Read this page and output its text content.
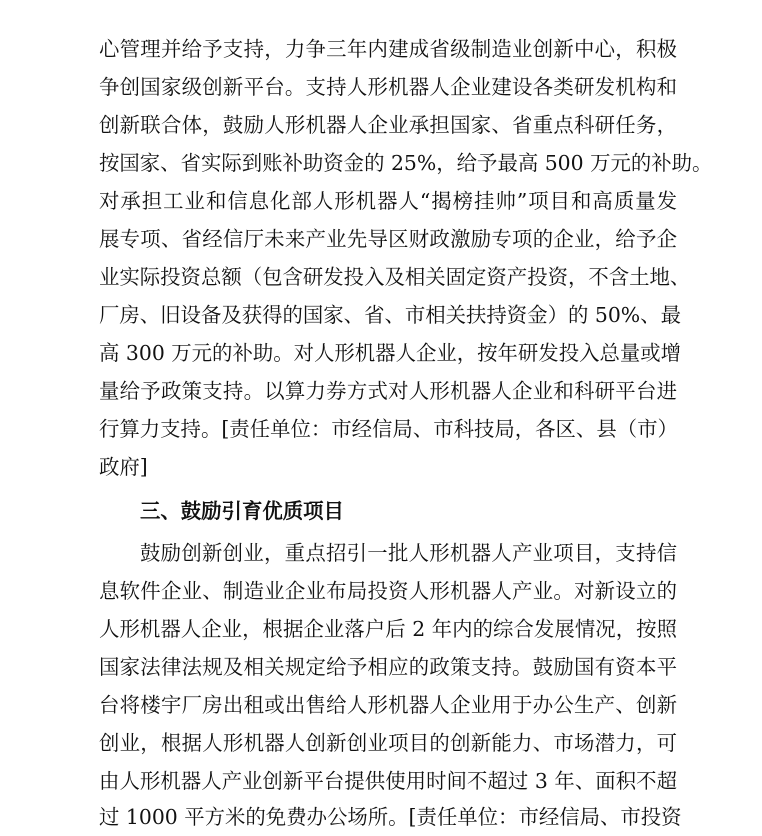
心管理并给予支持，力争三年内建成省级制造业创新中心，积极
争创国家级创新平台。支持人形机器人企业建设各类研发机构和
创新联合体，鼓励人形机器人企业承担国家、省重点科研任务，
按国家、省实际到账补助资金的 25%，给予最高 500 万元的补助。
对承担工业和信息化部人形机器人“揭榜挂帅”项目和高质量发
展专项、省经信厅未来产业先导区财政激励专项的企业，给予企
业实际投资总额（包含研发投入及相关固定资产投资，不含土地、
厂房、旧设备及获得的国家、省、市相关扶持资金）的 50%、最
高 300 万元的补助。对人形机器人企业，按年研发投入总量或增
量给予政策支持。以算力券方式对人形机器人企业和科研平台进
行算力支持。[责任单位：市经信局、市科技局，各区、县（市）
政府]
三、鼓励引育优质项目
鼓励创新创业，重点招引一批人形机器人产业项目，支持信
息软件企业、制造业企业布局投资人形机器人产业。对新设立的
人形机器人企业，根据企业落户后 2 年内的综合发展情况，按照
国家法律法规及相关规定给予相应的政策支持。鼓励国有资本平
台将楼宇厂房出租或出售给人形机器人企业用于办公生产、创新
创业，根据人形机器人创新创业项目的创新能力、市场潜力，可
由人形机器人产业创新平台提供使用时间不超过 3 年、面积不超
过 1000 平方米的免费办公场所。[责任单位：市经信局、市投资
